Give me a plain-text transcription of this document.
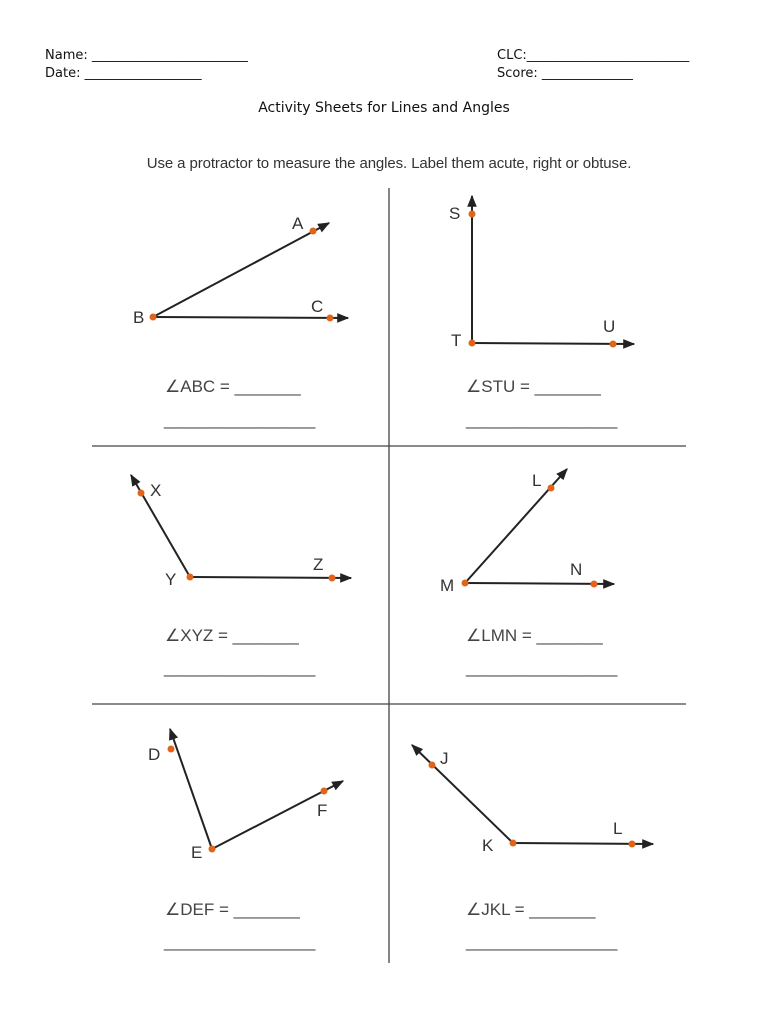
Name: ________________________
Date: __________________
CLC:_________________________
Score: ______________
Activity Sheets for Lines and Angles
Use a protractor to measure the angles. Label them acute, right or obtuse.
A
B
C
S
T
U
X
Y
Z
L
M
N
D
E
F
J
K
L
∠ABC = _______
________________
∠STU = _______
________________
∠XYZ = _______
________________
∠LMN = _______
________________
∠DEF = _______
________________
∠JKL = _______
________________
